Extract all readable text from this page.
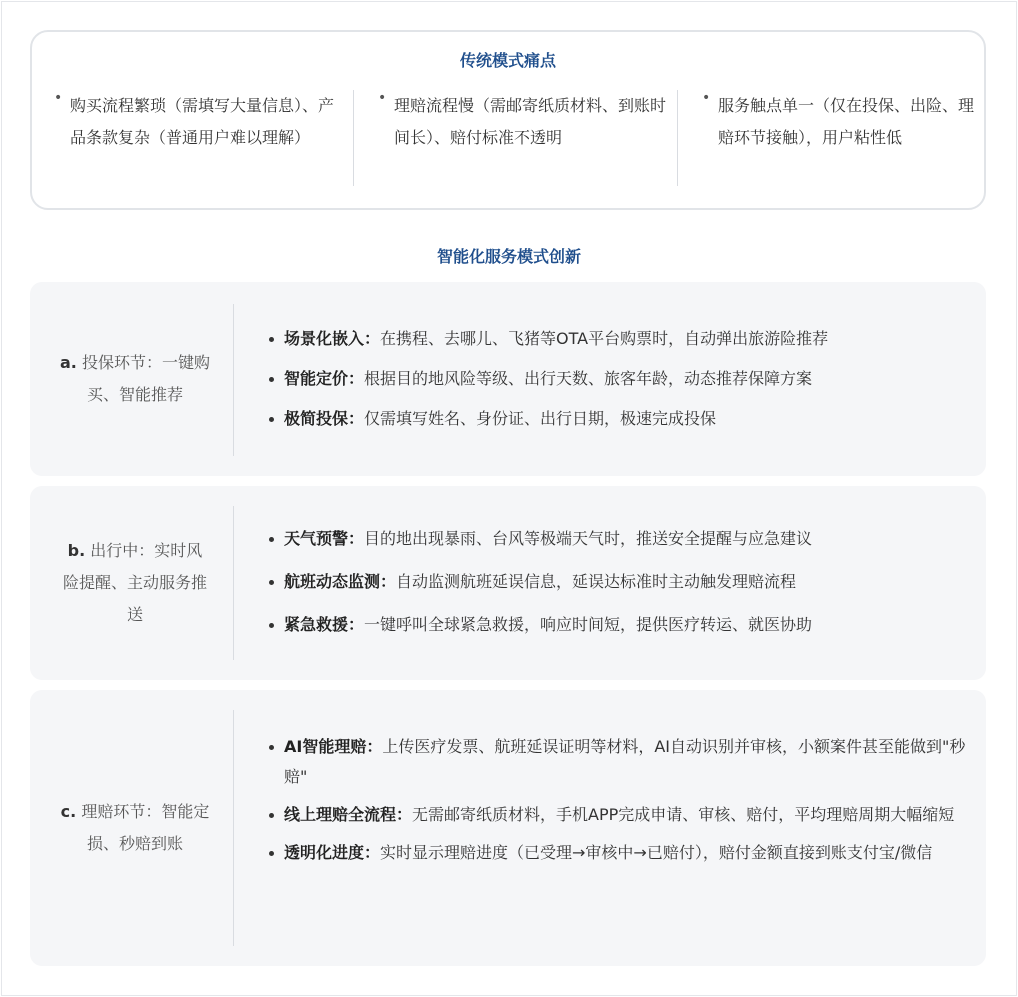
传统模式痛点
• 购买流程繁琐（需填写大量信息）、产品条款复杂（普通用户难以理解）
• 理赔流程慢（需邮寄纸质材料、到账时间长）、赔付标准不透明
• 服务触点单一（仅在投保、出险、理赔环节接触），用户粘性低
智能化服务模式创新
a. 投保环节：一键购买、智能推荐
场景化嵌入：在携程、去哪儿、飞猪等OTA平台购票时，自动弹出旅游险推荐
智能定价：根据目的地风险等级、出行天数、旅客年龄，动态推荐保障方案
极简投保：仅需填写姓名、身份证、出行日期，极速完成投保
b. 出行中：实时风险提醒、主动服务推送
天气预警：目的地出现暴雨、台风等极端天气时，推送安全提醒与应急建议
航班动态监测：自动监测航班延误信息，延误达标准时主动触发理赔流程
紧急救援：一键呼叫全球紧急救援，响应时间短，提供医疗转运、就医协助
c. 理赔环节：智能定损、秒赔到账
AI智能理赔：上传医疗发票、航班延误证明等材料，AI自动识别并审核，小额案件甚至能做到"秒赔"
线上理赔全流程：无需邮寄纸质材料，手机APP完成申请、审核、赔付，平均理赔周期大幅缩短
透明化进度：实时显示理赔进度（已受理→审核中→已赔付），赔付金额直接到账支付宝/微信
